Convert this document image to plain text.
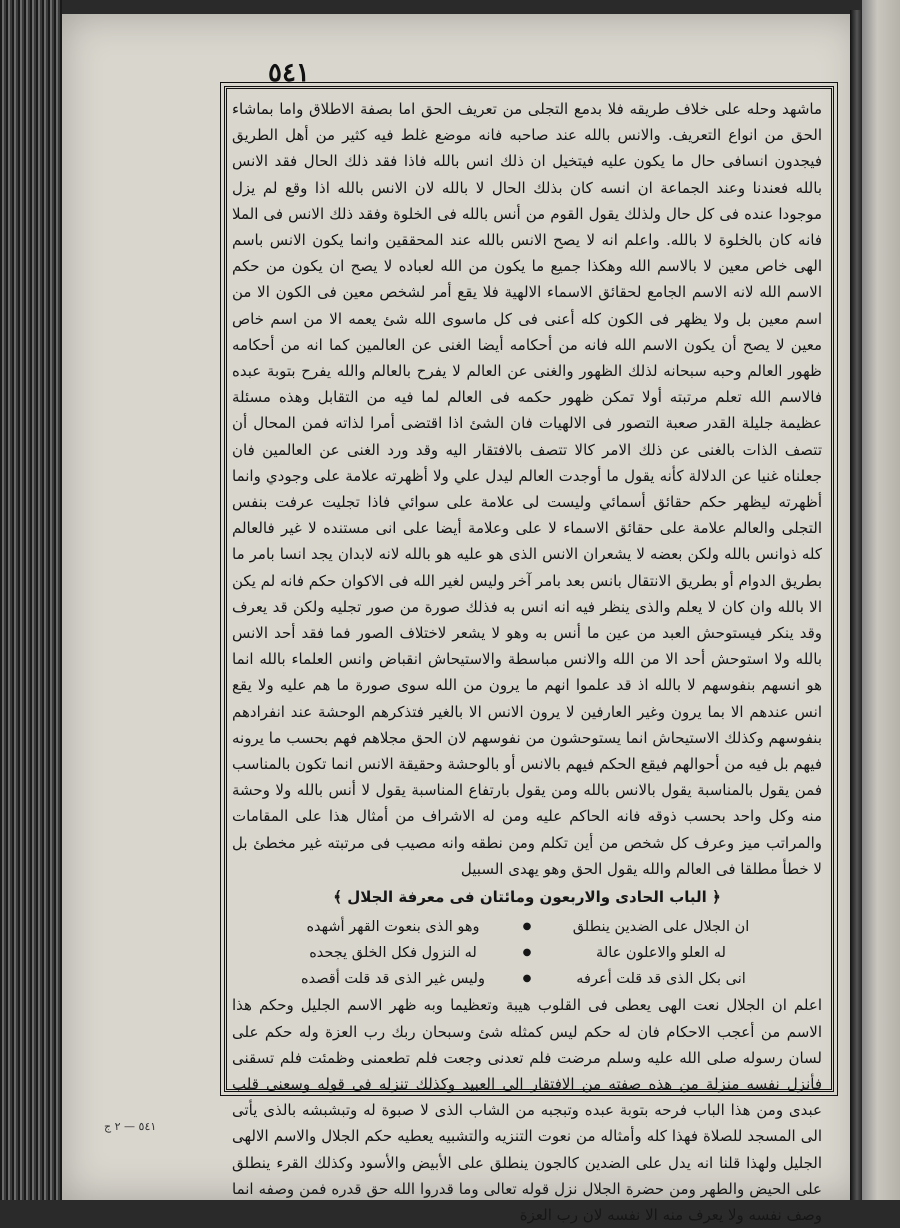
٥٤١

ماشهد وحله على خلاف طريقه فلا بدمع التجلى من تعريف الحق اما بصفة الاطلاق واما بماشاء الحق من انواع التعريف. والانس بالله عند صاحبه فانه موضع غلط فيه كثير من أهل الطريق فيجدون انسافى حال ما يكون عليه فيتخيل ان ذلك انس بالله فاذا فقد ذلك الحال فقد الانس بالله فعندنا وعند الجماعة ان انسه كان بذلك الحال لا بالله لان الانس بالله اذا وقع لم يزل موجودا عنده فى كل حال ولذلك يقول القوم من أنس بالله فى الخلوة وفقد ذلك الانس فى الملا فانه كان بالخلوة لا بالله. واعلم انه لا يصح الانس بالله عند المحققين وانما يكون الانس باسم الهى خاص معين لا بالاسم الله وهكذا جميع ما يكون من الله لعباده لا يصح ان يكون من حكم الاسم الله لانه الاسم الجامع لحقائق الاسماء الالهية فلا يقع أمر لشخص معين فى الكون الا من اسم معين بل ولا يظهر فى الكون كله أعنى فى كل ماسوى الله شئ يعمه الا من اسم خاص معين لا يصح أن يكون الاسم الله فانه من أحكامه أيضا الغنى عن العالمين كما انه من أحكامه ظهور العالم وحبه سبحانه لذلك الظهور والغنى عن العالم لا يفرح بالعالم والله يفرح بتوبة عبده فالاسم الله تعلم مرتبته أولا تمكن ظهور حكمه فى العالم لما فيه من التقابل وهذه مسئلة عظيمة جليلة القدر صعبة التصور فى الالهيات فان الشئ اذا اقتضى أمرا لذاته فمن المحال أن تتصف الذات بالغنى عن ذلك الامر كالا تتصف بالافتقار اليه وقد ورد الغنى عن العالمين فان جعلناه غنيا عن الدلالة كأنه يقول ما أوجدت العالم ليدل علي ولا أظهرته علامة على وجودي وانما أظهرته ليظهر حكم حقائق أسمائي وليست لى علامة على سوائي فاذا تجليت عرفت بنفس التجلى والعالم علامة على حقائق الاسماء لا على وعلامة أيضا على انى مستنده لا غير فالعالم كله ذوانس بالله ولكن بعضه لا يشعران الانس الذى هو عليه هو بالله لانه لابدان يجد انسا بامر ما بطريق الدوام أو بطريق الانتقال بانس بعد بامر آخر وليس لغير الله فى الاكوان حكم فانه لم يكن الا بالله وان كان لا يعلم والذى ينظر فيه انه انس به فذلك صورة من صور تجليه ولكن قد يعرف وقد ينكر فيستوحش العبد من عين ما أنس به وهو لا يشعر لاختلاف الصور فما فقد أحد الانس بالله ولا استوحش أحد الا من الله والانس مباسطة والاستيحاش انقباض وانس العلماء بالله انما هو انسهم بنفوسهم لا بالله اذ قد علموا انهم ما يرون من الله سوى صورة ما هم عليه ولا يقع انس عندهم الا بما يرون وغير العارفين لا يرون الانس الا بالغير فتذكرهم الوحشة عند انفرادهم بنفوسهم وكذلك الاستيحاش انما يستوحشون من نفوسهم لان الحق مجلاهم فهم بحسب ما يرونه فيهم بل فيه من أحوالهم فيقع الحكم فيهم بالانس أو بالوحشة وحقيقة الانس انما تكون بالمناسب فمن يقول بالمناسبة يقول بالانس بالله ومن يقول بارتفاع المناسبة يقول لا أنس بالله ولا وحشة منه وكل واحد بحسب ذوقه فانه الحاكم عليه ومن له الاشراف من أمثال هذا على المقامات والمراتب ميز وعرف كل شخص من أين تكلم ومن نطقه وانه مصيب فى مرتبته غير مخطئ بل لا خطأ مطلقا فى العالم والله يقول الحق وهو يهدى السبيل

﴿ الباب الحادى والاربعون ومائتان فى معرفة الجلال ﴾
ان الجلال على الضدين ينطلق
●
وهو الذى بنعوت القهر أشهده
له العلو والاعلون عالة
●
له النزول فكل الخلق يجحده
انى بكل الذى قد قلت أعرفه
●
وليس غير الذى قد قلت أقصده

اعلم ان الجلال نعت الهى يعطى فى القلوب هيبة وتعظيما وبه ظهر الاسم الجليل وحكم هذا الاسم من أعجب الاحكام فان له حكم ليس كمثله شئ وسبحان ربك رب العزة وله حكم على لسان رسوله صلى الله عليه وسلم مرضت فلم تعدنى وجعت فلم تطعمنى وظمئت فلم تسقنى فأنزل نفسه منزلة من هذه صفته من الافتقار الى العبيد وكذلك تنزله فى قوله وسعنى قلب عبدى ومن هذا الباب فرحه بتوبة عبده وتبجبه من الشاب الذى لا صبوة له وتبشبشه بالذى يأتى الى المسجد للصلاة فهذا كله وأمثاله من نعوت التنزيه والتشبيه يعطيه حكم الجلال والاسم الالهى الجليل ولهذا قلنا انه يدل على الضدين كالجون ينطلق على الأبيض والأسود وكذلك القرء ينطلق على الحيض والطهر ومن حضرة الجلال نزل قوله تعالى وما قدروا الله حق قدره فمن وصفه انما وصف نفسه ولا يعرف منه الا نفسه لان رب العزة

٥٤١ — ٢ ج
